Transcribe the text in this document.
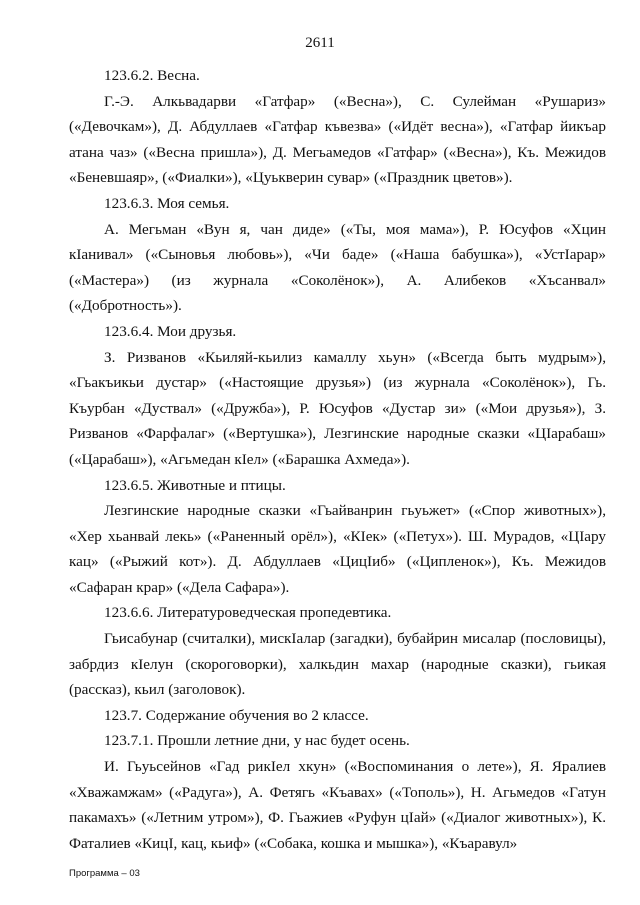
2611

123.6.2. Весна.

Г.-Э. Алкьвадарви «Гатфар» («Весна»), С. Сулейман «Рушариз» («Девочкам»), Д. Абдуллаев «Гатфар къвезва» («Идёт весна»), «Гатфар йикъар атана чаз» («Весна пришла»), Д. Мегьамедов «Гатфар» («Весна»), Къ. Межидов «Беневшаяр», («Фиалки»), «Цуькверин сувар» («Праздник цветов»).

123.6.3. Моя семья.

А. Мегьман «Вун я, чан диде» («Ты, моя мама»), Р. Юсуфов «Хцин кIанивал» («Сыновья любовь»), «Чи баде» («Наша бабушка»), «УстIарар» («Мастера») (из журнала «Соколёнок»), А. Алибеков «Хъсанвал» («Добротность»).

123.6.4. Мои друзья.

З. Ризванов «Кьиляй-кьилиз камаллу хьун» («Всегда быть мудрым»), «Гьакъикьи дустар» («Настоящие друзья») (из журнала «Соколёнок»), Гь. Къурбан «Дуствал» («Дружба»), Р. Юсуфов «Дустар зи» («Мои друзья»), З. Ризванов «Фарфалаг» («Вертушка»), Лезгинские народные сказки «ЦIарабаш» («Царабаш»), «Агьмедан кIел» («Барашка Ахмеда»).

123.6.5. Животные и птицы.

Лезгинские народные сказки «Гьайванрин гьуьжет» («Спор животных»), «Хер хьанвай лекь» («Раненный орёл»), «КIек» («Петух»). Ш. Мурадов, «ЦIару кац» («Рыжий кот»). Д. Абдуллаев «ЦицIиб» («Ципленок»), Къ. Межидов «Сафаран крар» («Дела Сафара»).

123.6.6. Литературоведческая пропедевтика.

Гьисабунар (считалки), мискIалар (загадки), бубайрин мисалар (пословицы), забрдиз кIелун (скороговорки), халкьдин махар (народные сказки), гьикая (рассказ), кьил (заголовок).

123.7. Содержание обучения во 2 классе.

123.7.1. Прошли летние дни, у нас будет осень.

И. Гьуьсейнов «Гад рикIел хкун» («Воспоминания о лете»), Я. Яралиев «Хважамжам» («Радуга»), А. Фетягь «Къавах» («Тополь»), Н. Агьмедов «Гатун пакамахъ» («Летним утром»), Ф. Гьажиев «Руфун цIай» («Диалог животных»), К. Фаталиев «КицI, кац, кьиф» («Собака, кошка и мышка»), «Къаравул»

Программа – 03
